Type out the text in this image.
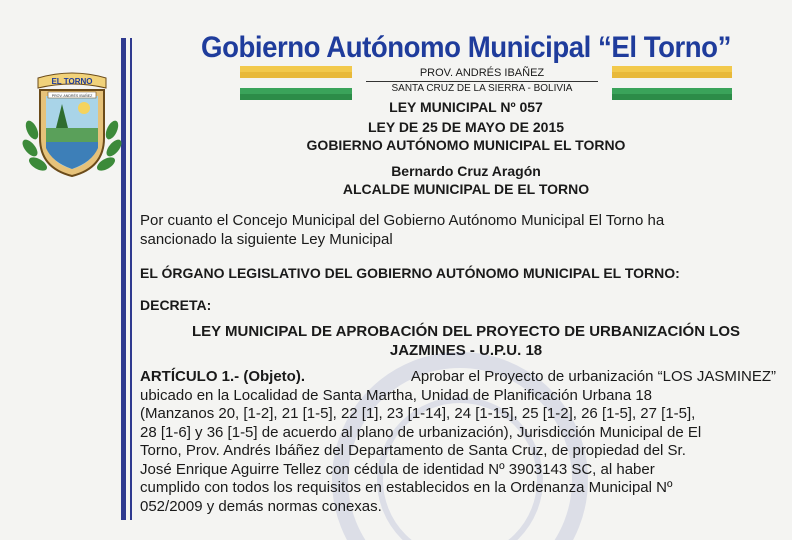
EL TORNO
PROV. ANDRÉS IBAÑEZ
Gobierno Autónomo Municipal “El Torno”
PROV. ANDRÉS IBAÑEZ
SANTA CRUZ DE LA SIERRA - BOLIVIA
LEY MUNICIPAL Nº 057
LEY DE 25 DE MAYO DE 2015
GOBIERNO AUTÓNOMO MUNICIPAL EL TORNO
Bernardo Cruz Aragón
ALCALDE MUNICIPAL DE EL TORNO
Por cuanto el Concejo Municipal del Gobierno Autónomo Municipal El Torno ha
sancionado la siguiente Ley Municipal
EL ÓRGANO LEGISLATIVO DEL GOBIERNO AUTÓNOMO MUNICIPAL EL TORNO:
DECRETA:
LEY MUNICIPAL DE APROBACIÓN DEL PROYECTO DE URBANIZACIÓN LOS
JAZMINES - U.P.U. 18
ARTÍCULO 1.- (Objeto).	Aprobar el Proyecto de urbanización “LOS JASMINEZ”
ubicado en la Localidad de Santa Martha, Unidad de Planificación Urbana 18
(Manzanos 20, [1-2], 21 [1-5], 22 [1], 23 [1-14], 24 [1-15], 25 [1-2], 26 [1-5], 27 [1-5],
28 [1-6] y 36 [1-5] de acuerdo al plano de urbanización), Jurisdicción Municipal de El
Torno, Prov. Andrés Ibáñez del Departamento de Santa Cruz, de propiedad del Sr.
José Enrique Aguirre Tellez con cédula de identidad Nº 3903143 SC, al haber
cumplido con todos los requisitos en establecidos en la Ordenanza Municipal Nº
052/2009 y demás normas conexas.
